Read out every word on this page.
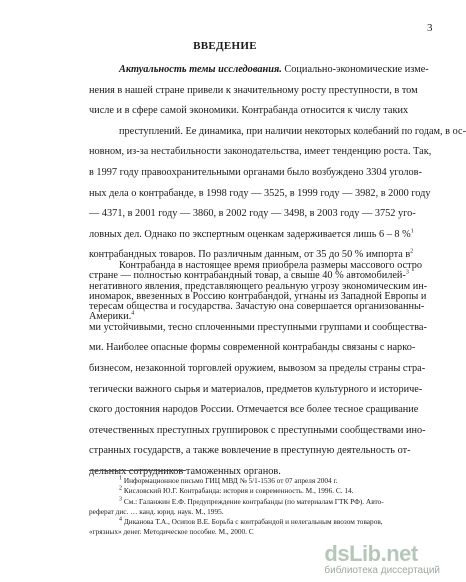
3
ВВЕДЕНИЕ
Актуальность темы исследования. Социально-экономические изме-
нения в нашей стране привели к значительному росту преступности, в том
числе и в сфере самой экономики. Контрабанда относится к числу таких
преступлений. Ее динамика, при наличии некоторых колебаний по годам, в ос-
новном, из-за нестабильности законодательства, имеет тенденцию роста. Так,
в 1997 году правоохранительными органами было возбуждено 3304 уголов-
ных дела о контрабанде, в 1998 году — 3525, в 1999 году — 3982, в 2000 году
— 4371, в 2001 году — 3860, в 2002 году — 3498, в 2003 году — 3752 уго-
ловных дел. Однако по экспертным оценкам задерживается лишь 6 – 8 %$^1$
контрабандных товаров. По различным данным, от 35 до 50 % импорта $в^2$
стране — полностью контрабандный товар, а свыше 40 % автомобилей-$^3$
иномарок, ввезенных в Россию контрабандой, угнаны из Западной Европы и
Америки.$^4$
Контрабанда в настоящее время приобрела размеры массового остро
негативного явления, представляющего реальную угрозу экономическим ин-
тересам общества и государства. Зачастую она совершается организованны-
ми устойчивыми, тесно сплоченными преступными группами и сообщества-
ми. Наиболее опасные формы современной контрабанды связаны с нарко-
бизнесом, незаконной торговлей оружием, вывозом за пределы страны стра-
тегически важного сырья и материалов, предметов культурного и историче-
ского достояния народов России. Отмечается все более тесное сращивание
отечественных преступных группировок с преступными сообществами ино-
странных государств, а также вовлечение в преступную деятельность от-
дельных сотрудников таможенных органов.
$^1$ Информационное письмо ГИЦ МВД № 5/1-1536 от 07 апреля 2004 г.
$^2$ Кисловский Ю.Г. Контрабанда: история и современность. М., 1996. С. 14.
$^3$ См.: Галанжин Е.Ф. Предупреждение контрабанды (по материалам ГТК РФ). Авто-
реферат дис. … канд. юрид. наук. М., 1995.
$^4$ Диканова Т.А., Осипов В.Е. Борьба с контрабандой и нелегальным ввозом товаров,
«грязных» денег. Методическое пособие. М., 2000. С
dsLib.net
библиотека диссертаций
